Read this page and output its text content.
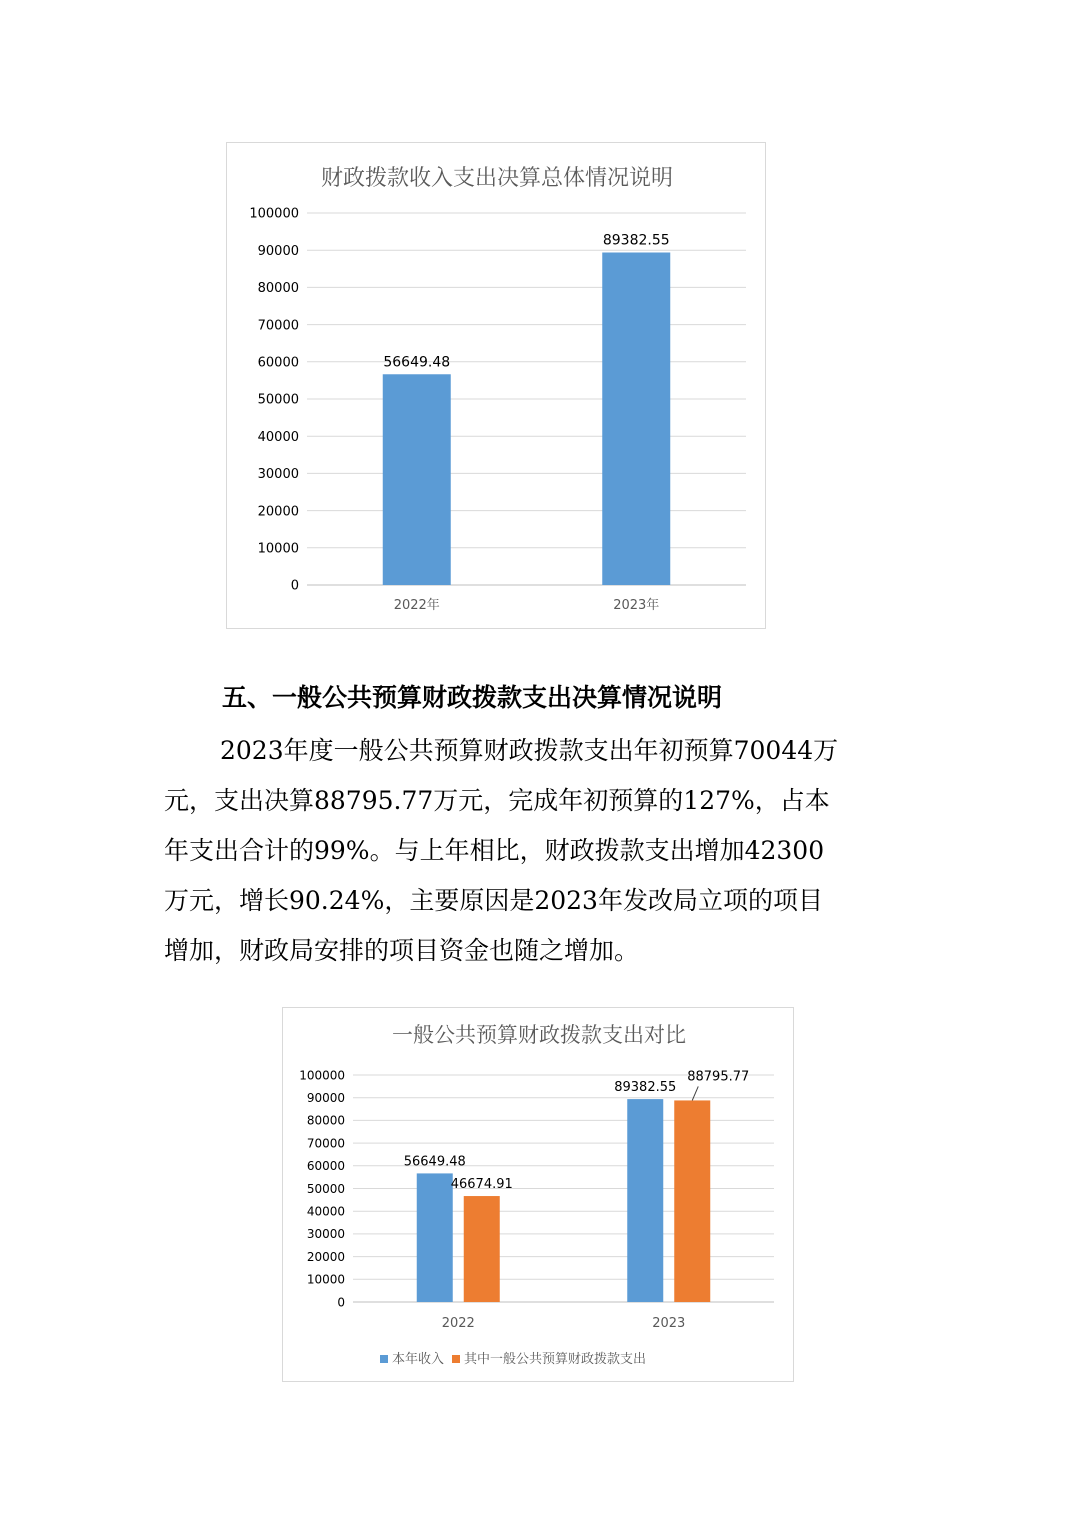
财政拨款收入支出决算总体情况说明
0
10000
20000
30000
40000
50000
60000
70000
80000
90000
100000
2022年
56649.48
2023年
89382.55
五、一般公共预算财政拨款支出决算情况说明
2023年度一般公共预算财政拨款支出年初预算70044万
元，支出决算88795.77万元，完成年初预算的127%，占本
年支出合计的99%。与上年相比，财政拨款支出增加42300
万元，增长90.24%，主要原因是2023年发改局立项的项目
增加，财政局安排的项目资金也随之增加。
一般公共预算财政拨款支出对比
0
10000
20000
30000
40000
50000
60000
70000
80000
90000
100000
2022
56649.48
46674.91
2023
89382.55
88795.77
本年收入 其中一般公共预算财政拨款支出
